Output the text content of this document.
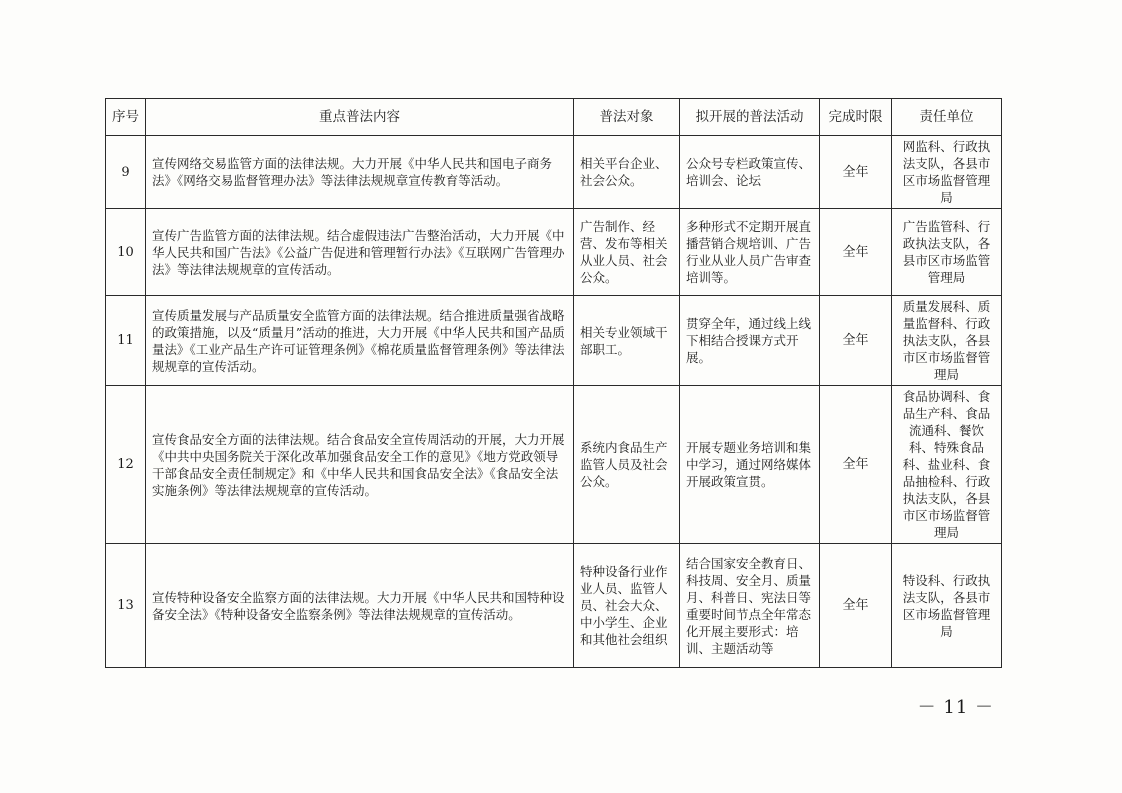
序号	重点普法内容	普法对象	拟开展的普法活动	完成时限	责任单位
9	宣传网络交易监管方面的法律法规。大力开展《中华人民共和国电子商务法》《网络交易监督管理办法》等法律法规规章宣传教育等活动。	相关平台企业、社会公众。	公众号专栏政策宣传、培训会、论坛	全年	网监科、行政执法支队，各县市区市场监督管理局
10	宣传广告监管方面的法律法规。结合虚假违法广告整治活动，大力开展《中华人民共和国广告法》《公益广告促进和管理暂行办法》《互联网广告管理办法》等法律法规规章的宣传活动。	广告制作、经营、发布等相关从业人员、社会公众。	多种形式不定期开展直播营销合规培训、广告行业从业人员广告审查培训等。	全年	广告监管科、行政执法支队，各县市区市场监管管理局
11	宣传质量发展与产品质量安全监管方面的法律法规。结合推进质量强省战略的政策措施，以及“质量月”活动的推进，大力开展《中华人民共和国产品质量法》《工业产品生产许可证管理条例》《棉花质量监督管理条例》等法律法规规章的宣传活动。	相关专业领域干部职工。	贯穿全年，通过线上线下相结合授课方式开展。	全年	质量发展科、质量监督科、行政执法支队，各县市区市场监督管理局
12	宣传食品安全方面的法律法规。结合食品安全宣传周活动的开展，大力开展《中共中央国务院关于深化改革加强食品安全工作的意见》《地方党政领导干部食品安全责任制规定》和《中华人民共和国食品安全法》《食品安全法实施条例》等法律法规规章的宣传活动。	系统内食品生产监管人员及社会公众。	开展专题业务培训和集中学习，通过网络媒体开展政策宣贯。	全年	食品协调科、食品生产科、食品流通科、餐饮科、特殊食品科、盐业科、食品抽检科、行政执法支队，各县市区市场监督管理局
13	宣传特种设备安全监察方面的法律法规。大力开展《中华人民共和国特种设备安全法》《特种设备安全监察条例》等法律法规规章的宣传活动。	特种设备行业作业人员、监管人员、社会大众、中小学生、企业和其他社会组织	结合国家安全教育日、科技周、安全月、质量月、科普日、宪法日等重要时间节点全年常态化开展主要形式：培训、主题活动等	全年	特设科、行政执法支队，各县市区市场监督管理局
－ 11 －
